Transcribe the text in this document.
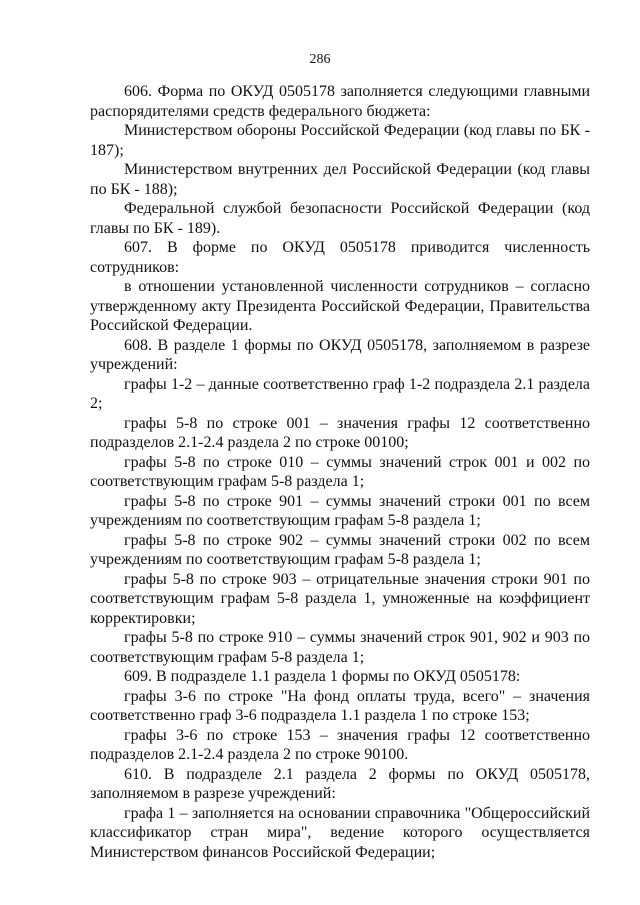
286

606. Форма по ОКУД 0505178 заполняется следующими главными распорядителями средств федерального бюджета:

Министерством обороны Российской Федерации (код главы по БК - 187);

Министерством внутренних дел Российской Федерации (код главы по БК - 188);

Федеральной службой безопасности Российской Федерации (код главы по БК - 189).

607. В форме по ОКУД 0505178 приводится численность сотрудников:

в отношении установленной численности сотрудников – согласно утвержденному акту Президента Российской Федерации, Правительства Российской Федерации.

608. В разделе 1 формы по ОКУД 0505178, заполняемом в разрезе учреждений:

графы 1-2 – данные соответственно граф 1-2 подраздела 2.1 раздела 2;

графы 5-8 по строке 001 – значения графы 12 соответственно подразделов 2.1-2.4 раздела 2 по строке 00100;

графы 5-8 по строке 010 – суммы значений строк 001 и 002 по соответствующим графам 5-8 раздела 1;

графы 5-8 по строке 901 – суммы значений строки 001 по всем учреждениям по соответствующим графам 5-8 раздела 1;

графы 5-8 по строке 902 – суммы значений строки 002 по всем учреждениям по соответствующим графам 5-8 раздела 1;

графы 5-8 по строке 903 – отрицательные значения строки 901 по соответствующим графам 5-8 раздела 1, умноженные на коэффициент корректировки;

графы 5-8 по строке 910 – суммы значений строк 901, 902 и 903 по соответствующим графам 5-8 раздела 1;

609. В подразделе 1.1 раздела 1 формы по ОКУД 0505178:

графы 3-6 по строке "На фонд оплаты труда, всего" – значения соответственно граф 3-6 подраздела 1.1 раздела 1 по строке 153;

графы 3-6 по строке 153 – значения графы 12 соответственно подразделов 2.1-2.4 раздела 2 по строке 90100.

610. В подразделе 2.1 раздела 2 формы по ОКУД 0505178, заполняемом в разрезе учреждений:

графа 1 – заполняется на основании справочника "Общероссийский классификатор стран мира", ведение которого осуществляется Министерством финансов Российской Федерации;
